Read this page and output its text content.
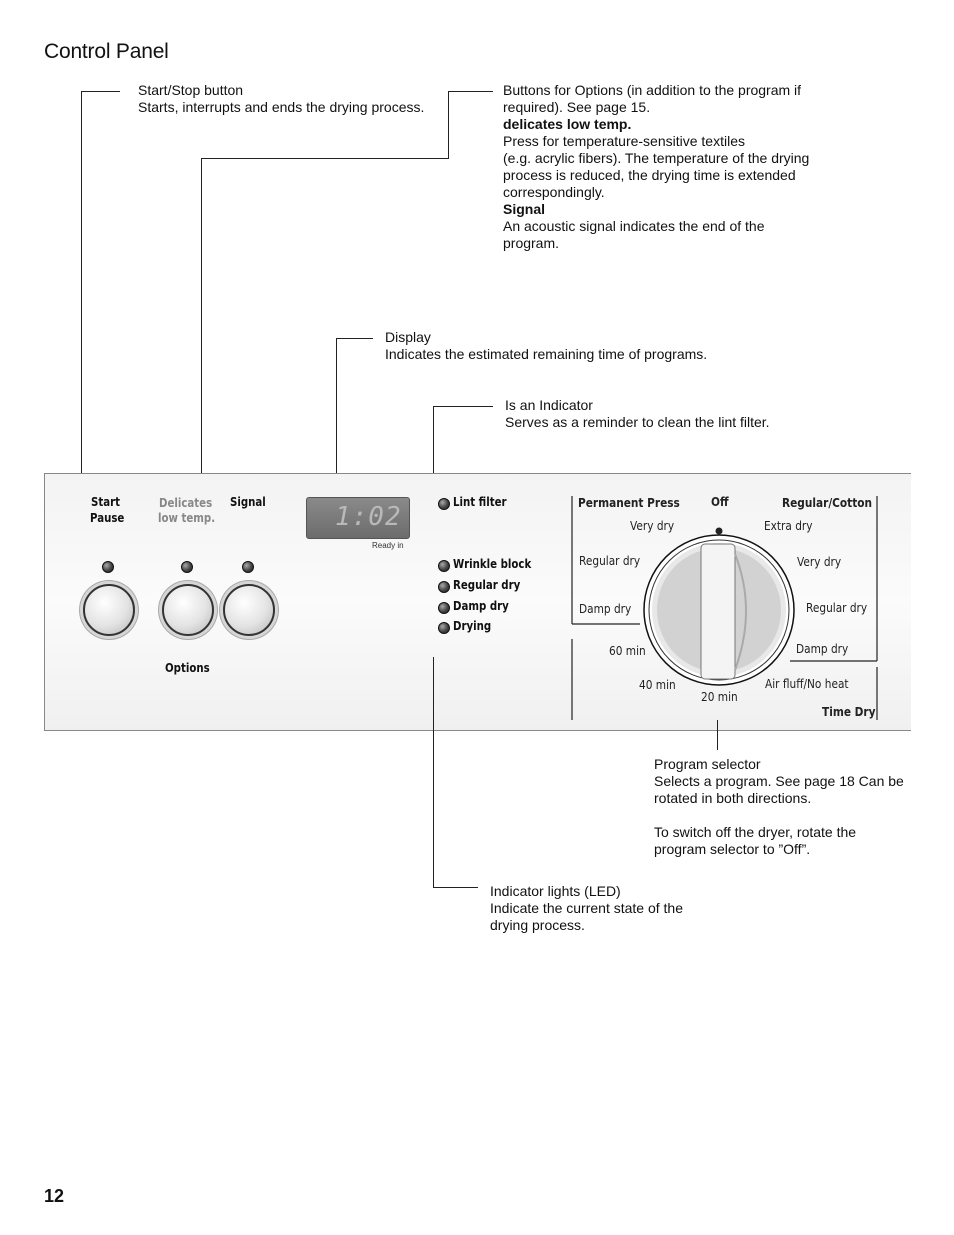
Control Panel
Start/Stop button
Starts, interrupts and ends the drying process.
Buttons for Options (in addition to the program if required). See page 15.
delicates low temp.
Press for temperature-sensitive textiles
(e.g. acrylic fibers). The temperature of the drying process is reduced, the drying time is extended correspondingly.
Signal
An acoustic signal indicates the end of the program.
Display
Indicates the estimated remaining time of programs.
Is an Indicator
Serves as a reminder to clean the lint filter.
Start
Pause
Delicates
low temp.
Signal
Options
1:02
Ready in
Lint filter
Wrinkle block
Regular dry
Damp dry
Drying
Permanent Press	Off	Regular/Cotton
Very dry
Regular dry
Damp dry
Extra dry
Very dry
Regular dry
Damp dry
Air fluff/No heat
Time Dry
60 min
40 min
20 min
Program selector
Selects a program. See page 18 Can be rotated in both directions.
To switch off the dryer, rotate the program selector to ”Off”.
Indicator lights (LED)
Indicate the current state of the drying process.
12
